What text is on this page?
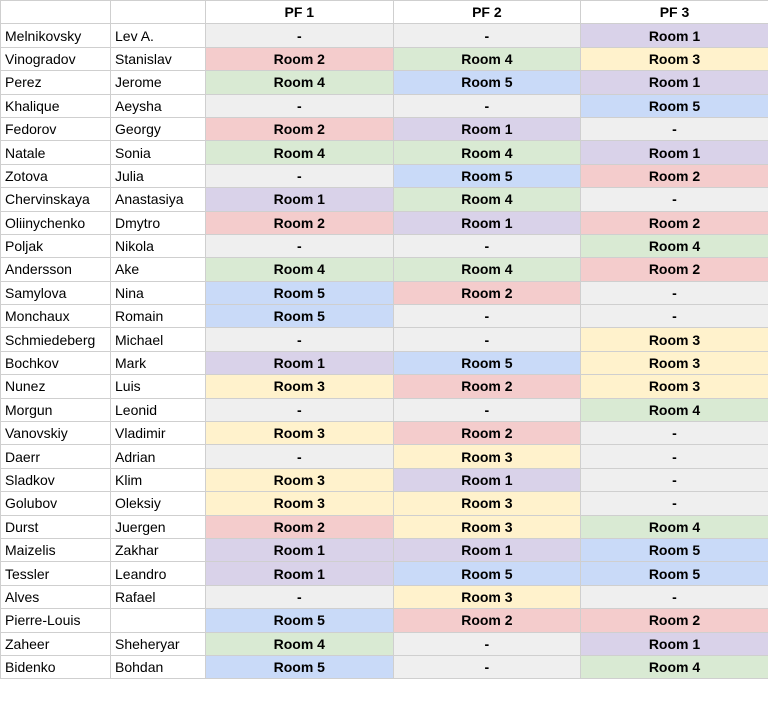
		PF 1	PF 2	PF 3
Melnikovsky	Lev A.	-	-	Room 1
Vinogradov	Stanislav	Room 2	Room 4	Room 3
Perez	Jerome	Room 4	Room 5	Room 1
Khalique	Aeysha	-	-	Room 5
Fedorov	Georgy	Room 2	Room 1	-
Natale	Sonia	Room 4	Room 4	Room 1
Zotova	Julia	-	Room 5	Room 2
Chervinskaya	Anastasiya	Room 1	Room 4	-
Oliinychenko	Dmytro	Room 2	Room 1	Room 2
Poljak	Nikola	-	-	Room 4
Andersson	Ake	Room 4	Room 4	Room 2
Samylova	Nina	Room 5	Room 2	-
Monchaux	Romain	Room 5	-	-
Schmiedeberg	Michael	-	-	Room 3
Bochkov	Mark	Room 1	Room 5	Room 3
Nunez	Luis	Room 3	Room 2	Room 3
Morgun	Leonid	-	-	Room 4
Vanovskiy	Vladimir	Room 3	Room 2	-
Daerr	Adrian	-	Room 3	-
Sladkov	Klim	Room 3	Room 1	-
Golubov	Oleksiy	Room 3	Room 3	-
Durst	Juergen	Room 2	Room 3	Room 4
Maizelis	Zakhar	Room 1	Room 1	Room 5
Tessler	Leandro	Room 1	Room 5	Room 5
Alves	Rafael	-	Room 3	-
Pierre-Louis		Room 5	Room 2	Room 2
Zaheer	Sheheryar	Room 4	-	Room 1
Bidenko	Bohdan	Room 5	-	Room 4
